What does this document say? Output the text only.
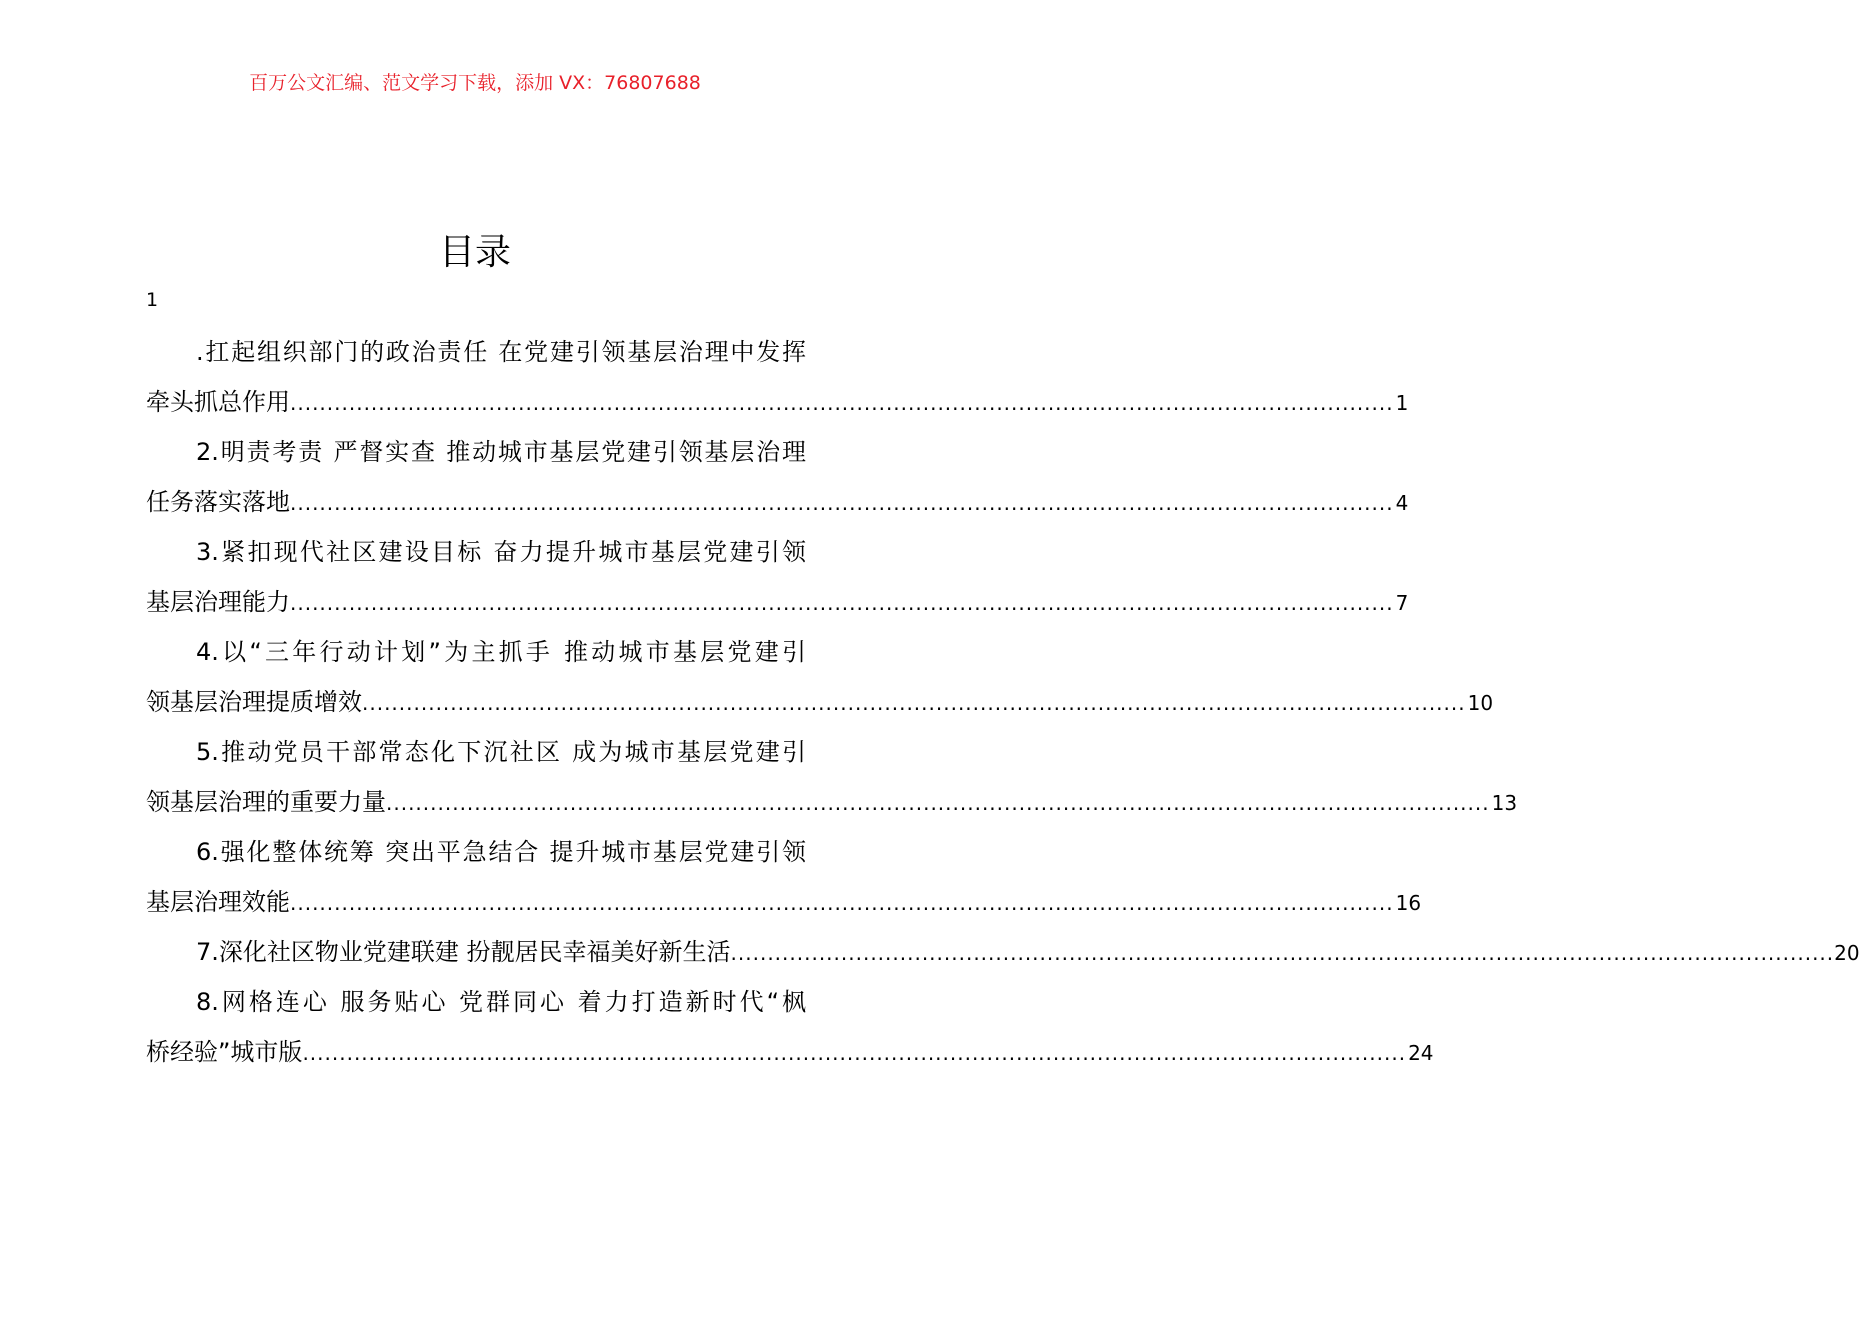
百万公文汇编、范文学习下载，添加 VX：76807688
目录
1
.扛起组织部门的政治责任 在党建引领基层治理中发挥
牵头抓总作用 ...................................................................................................................................................... 1
2.明责考责 严督实查 推动城市基层党建引领基层治理
任务落实落地 ...................................................................................................................................................... 4
3.紧扣现代社区建设目标 奋力提升城市基层党建引领
基层治理能力 ...................................................................................................................................................... 7
4.以“三年行动计划”为主抓手 推动城市基层党建引
领基层治理提质增效 ...................................................................................................................................................... 10
5.推动党员干部常态化下沉社区 成为城市基层党建引
领基层治理的重要力量 ...................................................................................................................................................... 13
6.强化整体统筹 突出平急结合 提升城市基层党建引领
基层治理效能 ...................................................................................................................................................... 16
7.深化社区物业党建联建 扮靓居民幸福美好新生活 ...................................................................................................................................................... 20
8.网格连心 服务贴心 党群同心 着力打造新时代“枫
桥经验”城市版 ...................................................................................................................................................... 24
